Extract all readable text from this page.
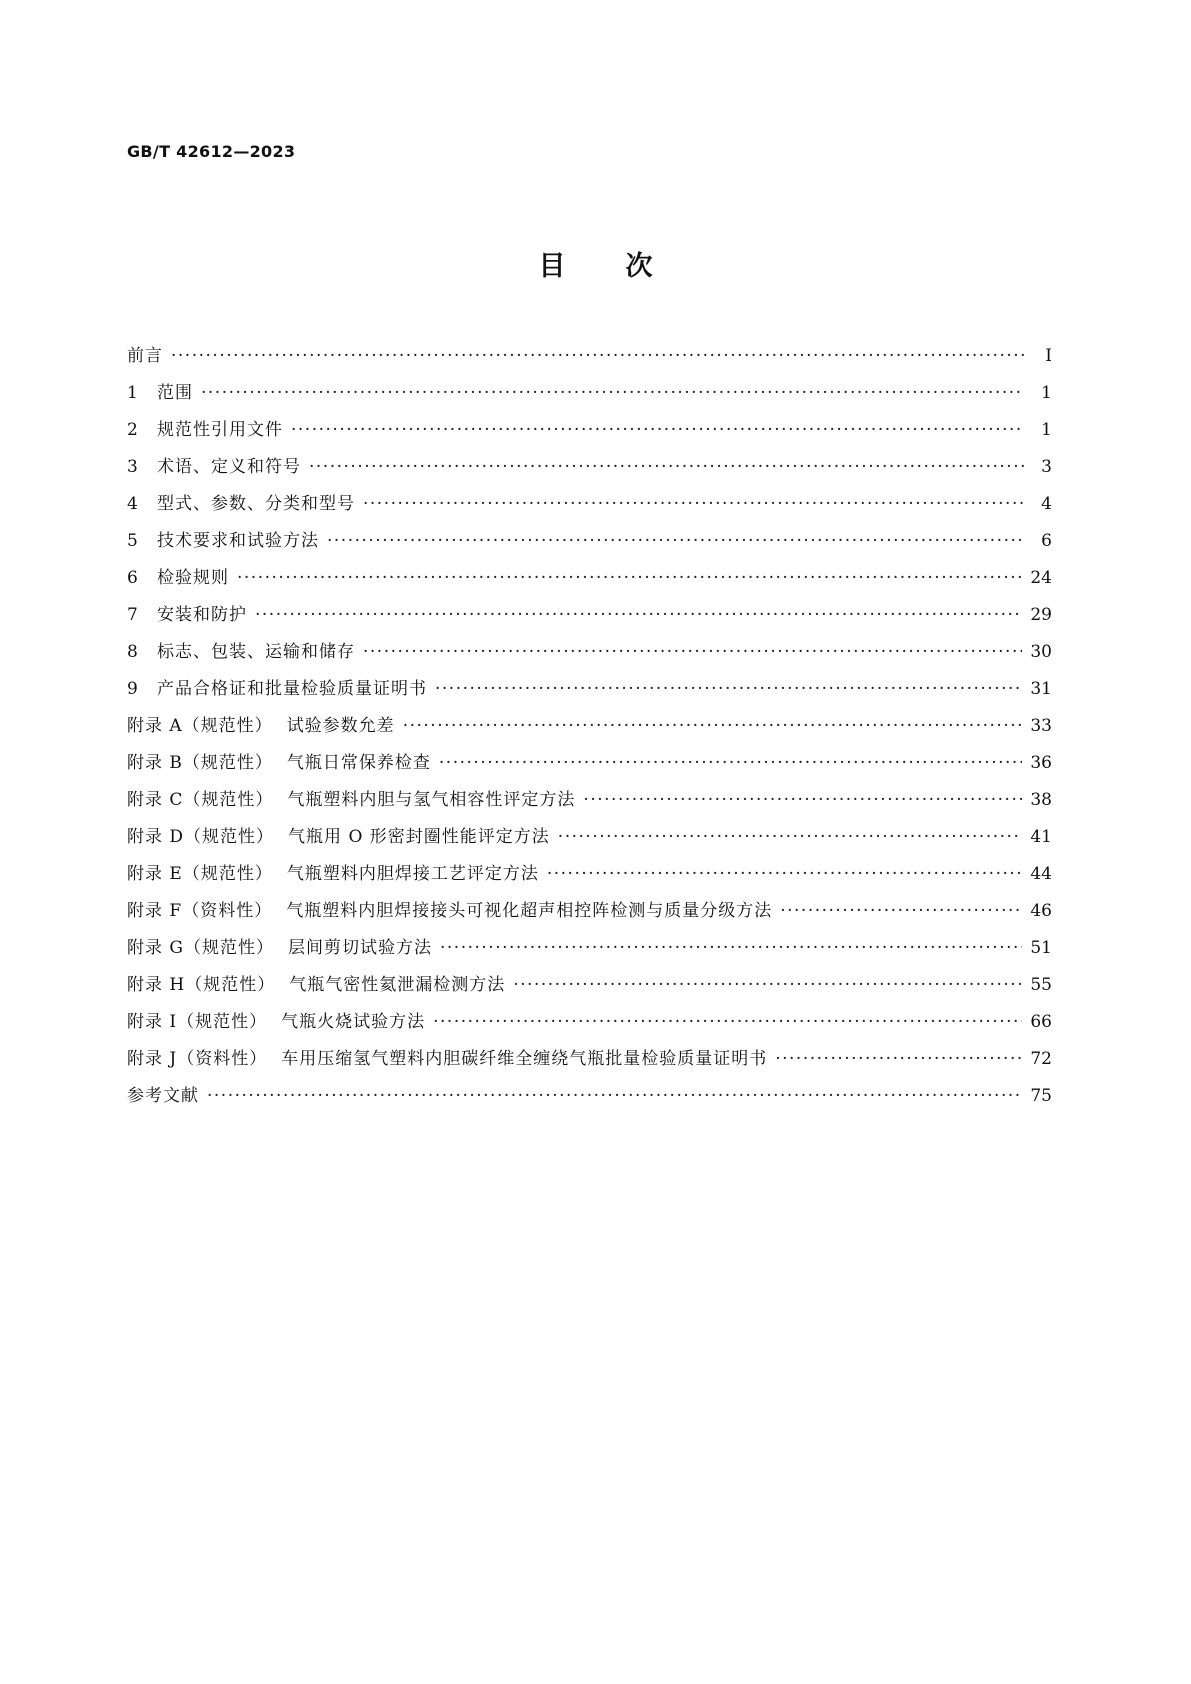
GB/T 42612—2023
目次
前言 ·····	Ⅰ
1	范围 ·····	1
2	规范性引用文件 ·····	1
3	术语、定义和符号 ·····	3
4	型式、参数、分类和型号 ·····	4
5	技术要求和试验方法 ·····	6
6	检验规则 ·····	24
7	安装和防护 ·····	29
8	标志、包装、运输和储存 ·····	30
9	产品合格证和批量检验质量证明书 ·····	31
附录 A（规范性） 试验参数允差 ·····	33
附录 B（规范性） 气瓶日常保养检查 ·····	36
附录 C（规范性） 气瓶塑料内胆与氢气相容性评定方法 ·····	38
附录 D（规范性） 气瓶用 O 形密封圈性能评定方法 ·····	41
附录 E（规范性） 气瓶塑料内胆焊接工艺评定方法 ·····	44
附录 F（资料性） 气瓶塑料内胆焊接接头可视化超声相控阵检测与质量分级方法 ·····	46
附录 G（规范性） 层间剪切试验方法 ·····	51
附录 H（规范性） 气瓶气密性氦泄漏检测方法 ·····	55
附录 I（规范性） 气瓶火烧试验方法 ·····	66
附录 J（资料性） 车用压缩氢气塑料内胆碳纤维全缠绕气瓶批量检验质量证明书 ·····	72
参考文献 ·····	75
